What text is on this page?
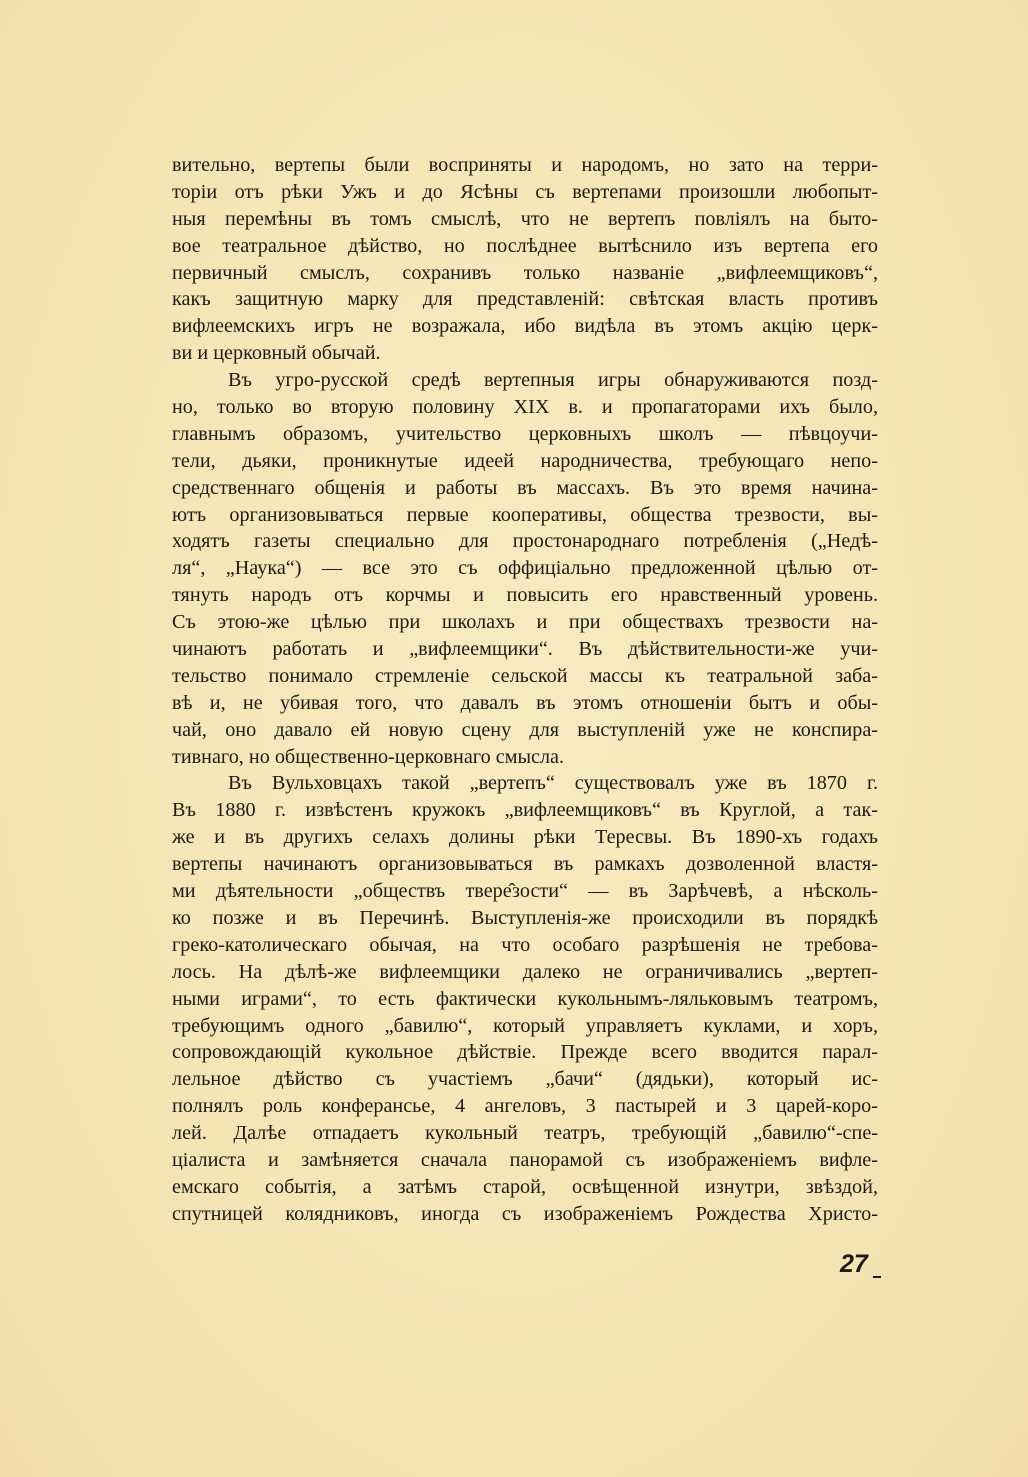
вительно, вертепы были восприняты и народомъ, но зато на терри-
торіи отъ рѣки Ужъ и до Ясѣны съ вертепами произошли любопыт-
ныя перемѣны въ томъ смыслѣ, что не вертепъ повліялъ на быто-
вое театральное дѣйство, но послѣднее вытѣснило изъ вертепа его
первичный смыслъ, сохранивъ только названіе „вифлеемщиковъ“,
какъ защитную марку для представленій: свѣтская власть противъ
вифлеемскихъ игръ не возражала, ибо видѣла въ этомъ акцію церк-
ви и церковный обычай.
Въ угро-русской средѣ вертепныя игры обнаруживаются позд-
но, только во вторую половину XIX в. и пропагаторами ихъ было,
главнымъ образомъ, учительство церковныхъ школъ — пѣвцоучи-
тели, дьяки, проникнутые идеей народничества, требующаго непо-
средственнаго общенія и работы въ массахъ. Въ это время начина-
ютъ организовываться первые кооперативы, общества трезвости, вы-
ходятъ газеты специально для простонароднаго потребленія („Недѣ-
ля“, „Наука“) — все это съ оффиціально предложенной цѣлью от-
тянуть народъ отъ корчмы и повысить его нравственный уровень.
Съ этою-же цѣлью при школахъ и при обществахъ трезвости на-
чинаютъ работать и „вифлеемщики“. Въ дѣйствительности-же учи-
тельство понимало стремленіе сельской массы къ театральной заба-
вѣ и, не убивая того, что давалъ въ этомъ отношеніи бытъ и обы-
чай, оно давало ей новую сцену для выступленій уже не конспира-
тивнаго, но общественно-церковнаго смысла.
Въ Вульховцахъ такой „вертепъ“ существовалъ уже въ 1870 г.
Въ 1880 г. извѣстенъ кружокъ „вифлеемщиковъ“ въ Круглой, а так-
же и въ другихъ селахъ долины рѣки Тересвы. Въ 1890-хъ годахъ
вертепы начинаютъ организовываться въ рамкахъ дозволенной властя-
ми дѣятельности „обществъ твере̂зости“ — въ Зарѣчевѣ, а нѣсколь-
ко позже и въ Перечинѣ. Выступленія-же происходили въ порядкѣ
греко-католическаго обычая, на что особаго разрѣшенія не требова-
лось. На дѣлѣ-же вифлеемщики далеко не ограничивались „вертеп-
ными играми“, то есть фактически кукольнымъ-ляльковымъ театромъ,
требующимъ одного „бавилю“, который управляетъ куклами, и хоръ,
сопровождающій кукольное дѣйствіе. Прежде всего вводится парал-
лельное дѣйство съ участіемъ „бачи“ (дядьки), который ис-
полнялъ роль конферансье, 4 ангеловъ, 3 пастырей и 3 царей-коро-
лей. Далѣе отпадаетъ кукольный театръ, требующій „бавилю“-спе-
ціалиста и замѣняется сначала панорамой съ изображеніемъ вифле-
емскаго событія, а затѣмъ старой, освѣщенной изнутри, звѣздой,
спутницей колядниковъ, иногда съ изображеніемъ Рождества Христо-
27
